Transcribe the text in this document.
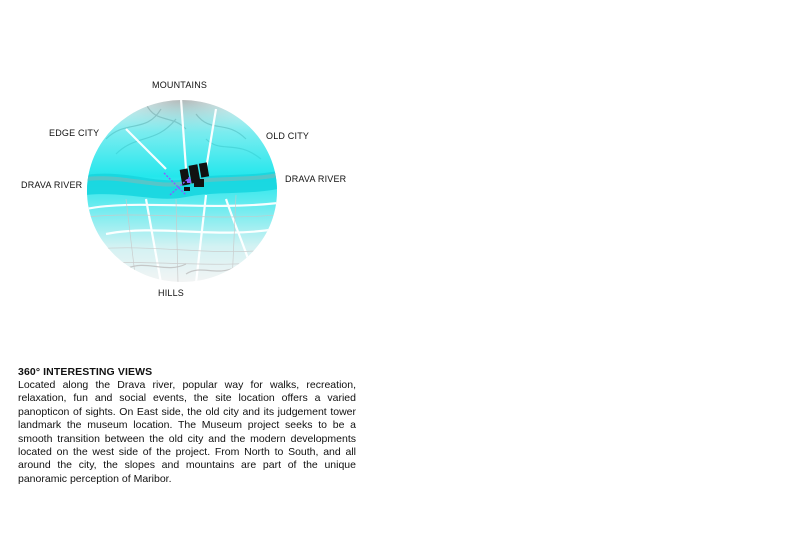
MOUNTAINS
EDGE CITY	OLD CITY
DRAVA RIVER
DRAVA RIVER
HILLS
360° INTERESTING VIEWS

Located along the Drava river, popular way for walks, recreation, relaxation, fun and social events, the site location offers a varied panopticon of sights. On East side, the old city and its judgement tower landmark the museum location. The Museum project seeks to be a smooth transition between the old city and the modern developments located on the west side of the project. From North to South, and all around the city, the slopes and mountains are part of the unique panoramic perception of Maribor.
